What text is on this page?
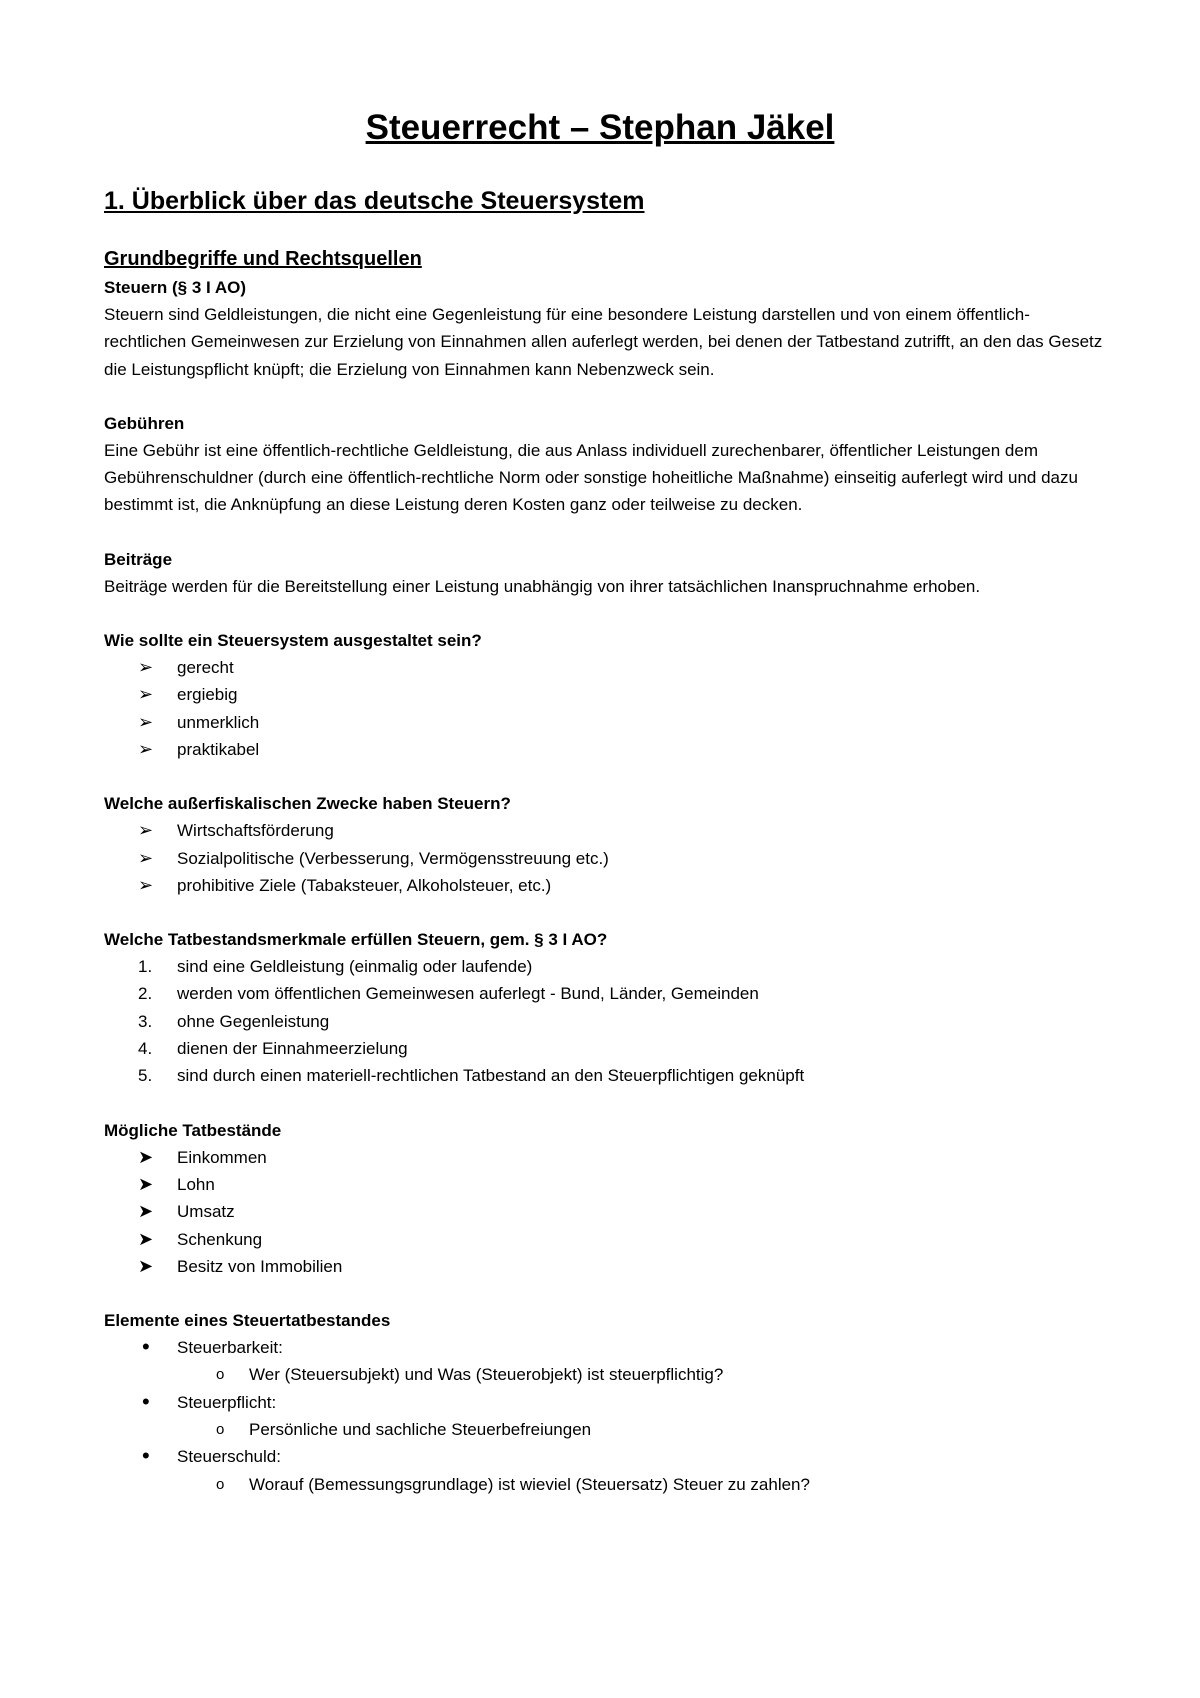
Steuerrecht – Stephan Jäkel
1. Überblick über das deutsche Steuersystem
Grundbegriffe und Rechtsquellen

Steuern (§ 3 I AO)

Steuern sind Geldleistungen, die nicht eine Gegenleistung für eine besondere Leistung darstellen und von einem öffentlich-rechtlichen Gemeinwesen zur Erzielung von Einnahmen allen auferlegt werden, bei denen der Tatbestand zutrifft, an den das Gesetz die Leistungspflicht knüpft; die Erzielung von Einnahmen kann Nebenzweck sein.

Gebühren

Eine Gebühr ist eine öffentlich-rechtliche Geldleistung, die aus Anlass individuell zurechenbarer, öffentlicher Leistungen dem Gebührenschuldner (durch eine öffentlich-rechtliche Norm oder sonstige hoheitliche Maßnahme) einseitig auferlegt wird und dazu bestimmt ist, die Anknüpfung an diese Leistung deren Kosten ganz oder teilweise zu decken.

Beiträge

Beiträge werden für die Bereitstellung einer Leistung unabhängig von ihrer tatsächlichen Inanspruchnahme erhoben.

Wie sollte ein Steuersystem ausgestaltet sein?

➢	gerecht
➢	ergiebig
➢	unmerklich
➢	praktikabel

Welche außerfiskalischen Zwecke haben Steuern?

➢	Wirtschaftsförderung
➢	Sozialpolitische (Verbesserung, Vermögensstreuung etc.)
➢	prohibitive Ziele (Tabaksteuer, Alkoholsteuer, etc.)

Welche Tatbestandsmerkmale erfüllen Steuern, gem. § 3 I AO?

1.	sind eine Geldleistung (einmalig oder laufende)
2.	werden vom öffentlichen Gemeinwesen auferlegt - Bund, Länder, Gemeinden
3.	ohne Gegenleistung
4.	dienen der Einnahmeerzielung
5.	sind durch einen materiell-rechtlichen Tatbestand an den Steuerpflichtigen geknüpft

Mögliche Tatbestände

➤	Einkommen
➤	Lohn
➤	Umsatz
➤	Schenkung
➤	Besitz von Immobilien

Elemente eines Steuertatbestandes

•	Steuerbarkeit:
o	Wer (Steuersubjekt) und Was (Steuerobjekt) ist steuerpflichtig?
•	Steuerpflicht:
o	Persönliche und sachliche Steuerbefreiungen
•	Steuerschuld:
o	Worauf (Bemessungsgrundlage) ist wieviel (Steuersatz) Steuer zu zahlen?
